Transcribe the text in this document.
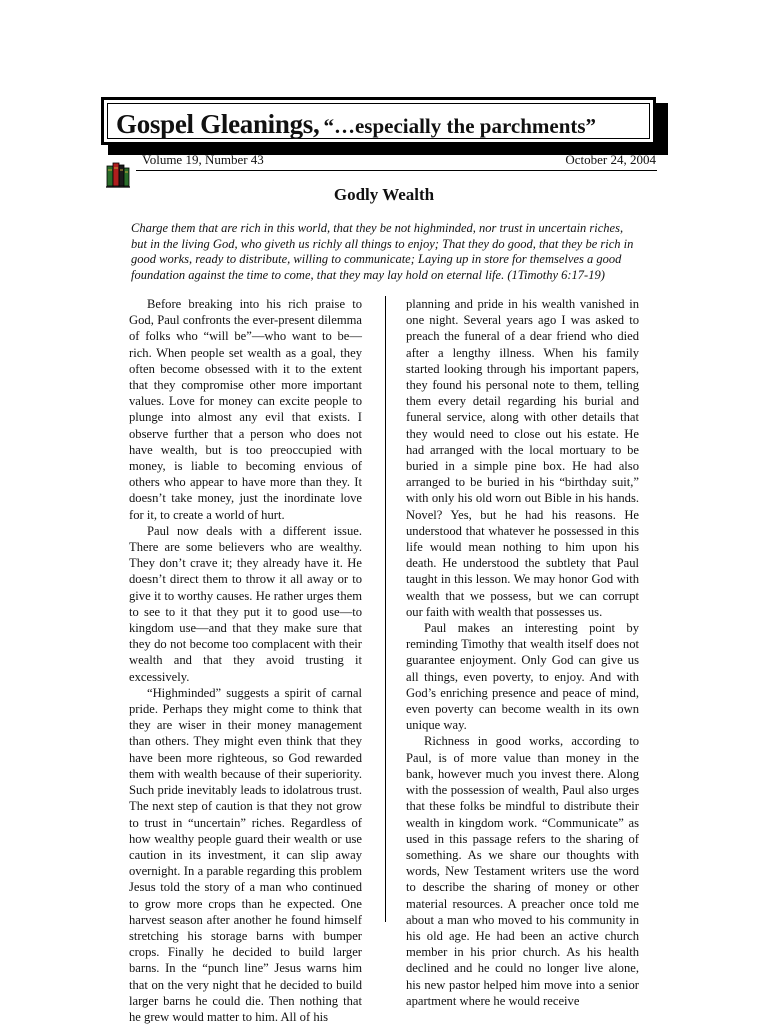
Gospel Gleanings, “…especially the parchments”
Volume 19, Number 43	October 24, 2004
Godly Wealth
Charge them that are rich in this world, that they be not highminded, nor trust in uncertain riches, but in the living God, who giveth us richly all things to enjoy; That they do good, that they be rich in good works, ready to distribute, willing to communicate; Laying up in store for themselves a good foundation against the time to come, that they may lay hold on eternal life. (1Timothy 6:17-19)

Before breaking into his rich praise to God, Paul confronts the ever-present dilemma of folks who “will be”—who want to be—rich. When people set wealth as a goal, they often become obsessed with it to the extent that they compromise other more important values. Love for money can excite people to plunge into almost any evil that exists. I observe further that a person who does not have wealth, but is too preoccupied with money, is liable to becoming envious of others who appear to have more than they. It doesn’t take money, just the inordinate love for it, to create a world of hurt.

Paul now deals with a different issue. There are some believers who are wealthy. They don’t crave it; they already have it. He doesn’t direct them to throw it all away or to give it to worthy causes. He rather urges them to see to it that they put it to good use—to kingdom use—and that they make sure that they do not become too complacent with their wealth and that they avoid trusting it excessively.

“Highminded” suggests a spirit of carnal pride. Perhaps they might come to think that they are wiser in their money management than others. They might even think that they have been more righteous, so God rewarded them with wealth because of their superiority. Such pride inevitably leads to idolatrous trust. The next step of caution is that they not grow to trust in “uncertain” riches. Regardless of how wealthy people guard their wealth or use caution in its investment, it can slip away overnight. In a parable regarding this problem Jesus told the story of a man who continued to grow more crops than he expected. One harvest season after another he found himself stretching his storage barns with bumper crops. Finally he decided to build larger barns. In the “punch line” Jesus warns him that on the very night that he decided to build larger barns he could die. Then nothing that he grew would matter to him. All of his

planning and pride in his wealth vanished in one night. Several years ago I was asked to preach the funeral of a dear friend who died after a lengthy illness. When his family started looking through his important papers, they found his personal note to them, telling them every detail regarding his burial and funeral service, along with other details that they would need to close out his estate. He had arranged with the local mortuary to be buried in a simple pine box. He had also arranged to be buried in his “birthday suit,” with only his old worn out Bible in his hands. Novel? Yes, but he had his reasons. He understood that whatever he possessed in this life would mean nothing to him upon his death. He understood the subtlety that Paul taught in this lesson. We may honor God with wealth that we possess, but we can corrupt our faith with wealth that possesses us.

Paul makes an interesting point by reminding Timothy that wealth itself does not guarantee enjoyment. Only God can give us all things, even poverty, to enjoy. And with God’s enriching presence and peace of mind, even poverty can become wealth in its own unique way.

Richness in good works, according to Paul, is of more value than money in the bank, however much you invest there. Along with the possession of wealth, Paul also urges that these folks be mindful to distribute their wealth in kingdom work. “Communicate” as used in this passage refers to the sharing of something. As we share our thoughts with words, New Testament writers use the word to describe the sharing of money or other material resources. A preacher once told me about a man who moved to his community in his old age. He had been an active church member in his prior church. As his health declined and he could no longer live alone, his new pastor helped him move into a senior apartment where he would receive
